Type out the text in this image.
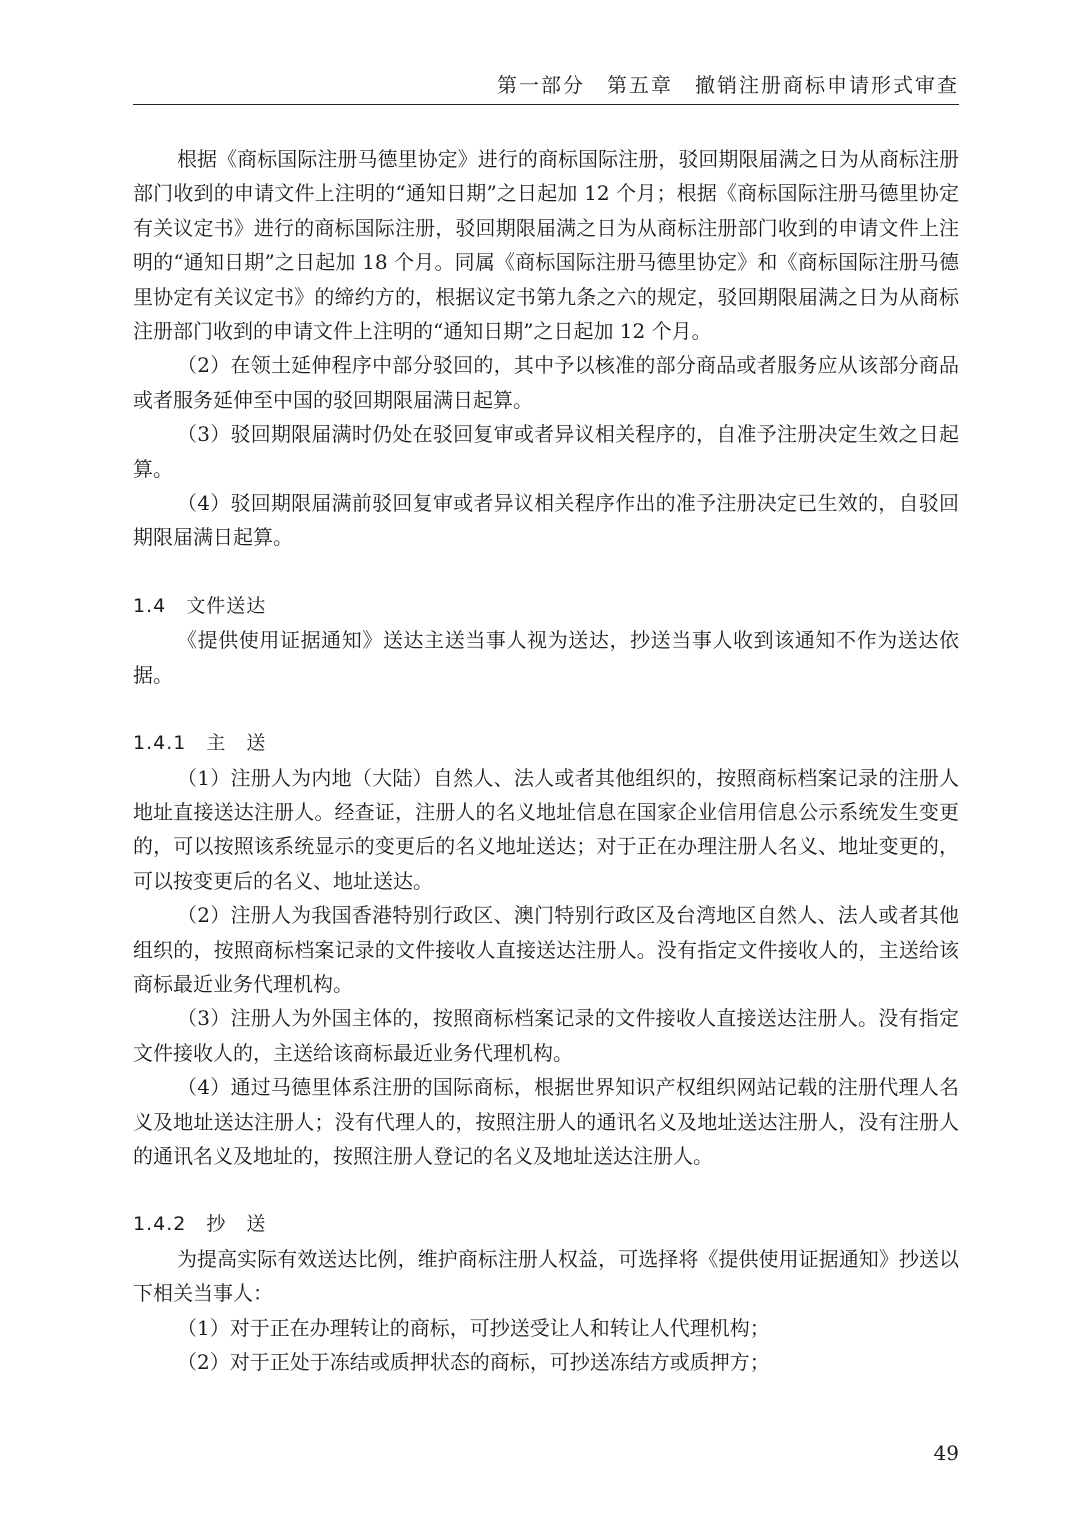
第一部分　第五章　撤销注册商标申请形式审查

根据《商标国际注册马德里协定》进行的商标国际注册，驳回期限届满之日为从商标注册部门收到的申请文件上注明的“通知日期”之日起加 12 个月；根据《商标国际注册马德里协定有关议定书》进行的商标国际注册，驳回期限届满之日为从商标注册部门收到的申请文件上注明的“通知日期”之日起加 18 个月。同属《商标国际注册马德里协定》和《商标国际注册马德里协定有关议定书》的缔约方的，根据议定书第九条之六的规定，驳回期限届满之日为从商标注册部门收到的申请文件上注明的“通知日期”之日起加 12 个月。

（2）在领土延伸程序中部分驳回的，其中予以核准的部分商品或者服务应从该部分商品或者服务延伸至中国的驳回期限届满日起算。

（3）驳回期限届满时仍处在驳回复审或者异议相关程序的，自准予注册决定生效之日起算。

（4）驳回期限届满前驳回复审或者异议相关程序作出的准予注册决定已生效的，自驳回期限届满日起算。

1.4　文件送达

《提供使用证据通知》送达主送当事人视为送达，抄送当事人收到该通知不作为送达依据。

1.4.1　主　送

（1）注册人为内地（大陆）自然人、法人或者其他组织的，按照商标档案记录的注册人地址直接送达注册人。经查证，注册人的名义地址信息在国家企业信用信息公示系统发生变更的，可以按照该系统显示的变更后的名义地址送达；对于正在办理注册人名义、地址变更的，可以按变更后的名义、地址送达。

（2）注册人为我国香港特别行政区、澳门特别行政区及台湾地区自然人、法人或者其他组织的，按照商标档案记录的文件接收人直接送达注册人。没有指定文件接收人的，主送给该商标最近业务代理机构。

（3）注册人为外国主体的，按照商标档案记录的文件接收人直接送达注册人。没有指定文件接收人的，主送给该商标最近业务代理机构。

（4）通过马德里体系注册的国际商标，根据世界知识产权组织网站记载的注册代理人名义及地址送达注册人；没有代理人的，按照注册人的通讯名义及地址送达注册人，没有注册人的通讯名义及地址的，按照注册人登记的名义及地址送达注册人。

1.4.2　抄　送

为提高实际有效送达比例，维护商标注册人权益，可选择将《提供使用证据通知》抄送以下相关当事人：

（1）对于正在办理转让的商标，可抄送受让人和转让人代理机构；

（2）对于正处于冻结或质押状态的商标，可抄送冻结方或质押方；

49
